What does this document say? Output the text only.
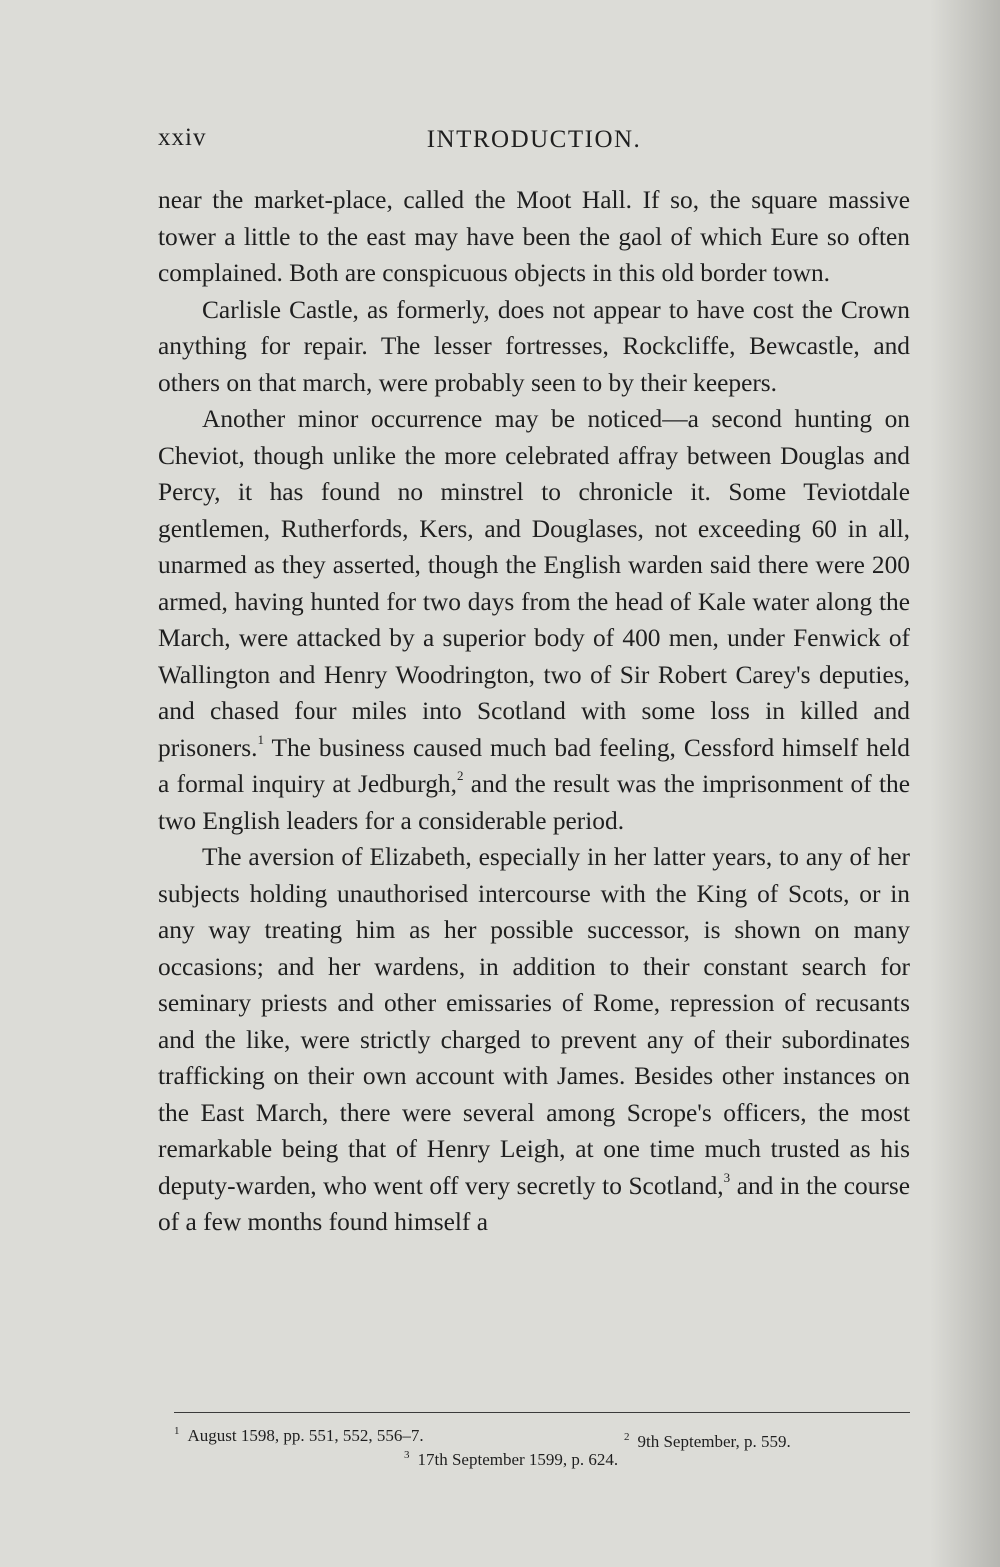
xxiv	INTRODUCTION.

near the market-place, called the Moot Hall. If so, the square massive tower a little to the east may have been the gaol of which Eure so often complained. Both are conspicuous objects in this old border town.

Carlisle Castle, as formerly, does not appear to have cost the Crown anything for repair. The lesser fortresses, Rockcliffe, Bewcastle, and others on that march, were probably seen to by their keepers.

Another minor occurrence may be noticed—a second hunting on Cheviot, though unlike the more celebrated affray between Douglas and Percy, it has found no minstrel to chronicle it. Some Teviotdale gentlemen, Rutherfords, Kers, and Douglases, not exceeding 60 in all, unarmed as they asserted, though the English warden said there were 200 armed, having hunted for two days from the head of Kale water along the March, were attacked by a superior body of 400 men, under Fenwick of Wallington and Henry Woodrington, two of Sir Robert Carey's deputies, and chased four miles into Scotland with some loss in killed and prisoners.$^1$ The business caused much bad feeling, Cessford himself held a formal inquiry at Jedburgh,$^2$ and the result was the imprisonment of the two English leaders for a considerable period.

The aversion of Elizabeth, especially in her latter years, to any of her subjects holding unauthorised intercourse with the King of Scots, or in any way treating him as her possible successor, is shown on many occasions; and her wardens, in addition to their constant search for seminary priests and other emissaries of Rome, repression of recusants and the like, were strictly charged to prevent any of their subordinates trafficking on their own account with James. Besides other instances on the East March, there were several among Scrope's officers, the most remarkable being that of Henry Leigh, at one time much trusted as his deputy-warden, who went off very secretly to Scotland,$^3$ and in the course of a few months found himself a

$^1$ August 1598, pp. 551, 552, 556–7.	$^2$ 9th September, p. 559.
$^3$ 17th September 1599, p. 624.
